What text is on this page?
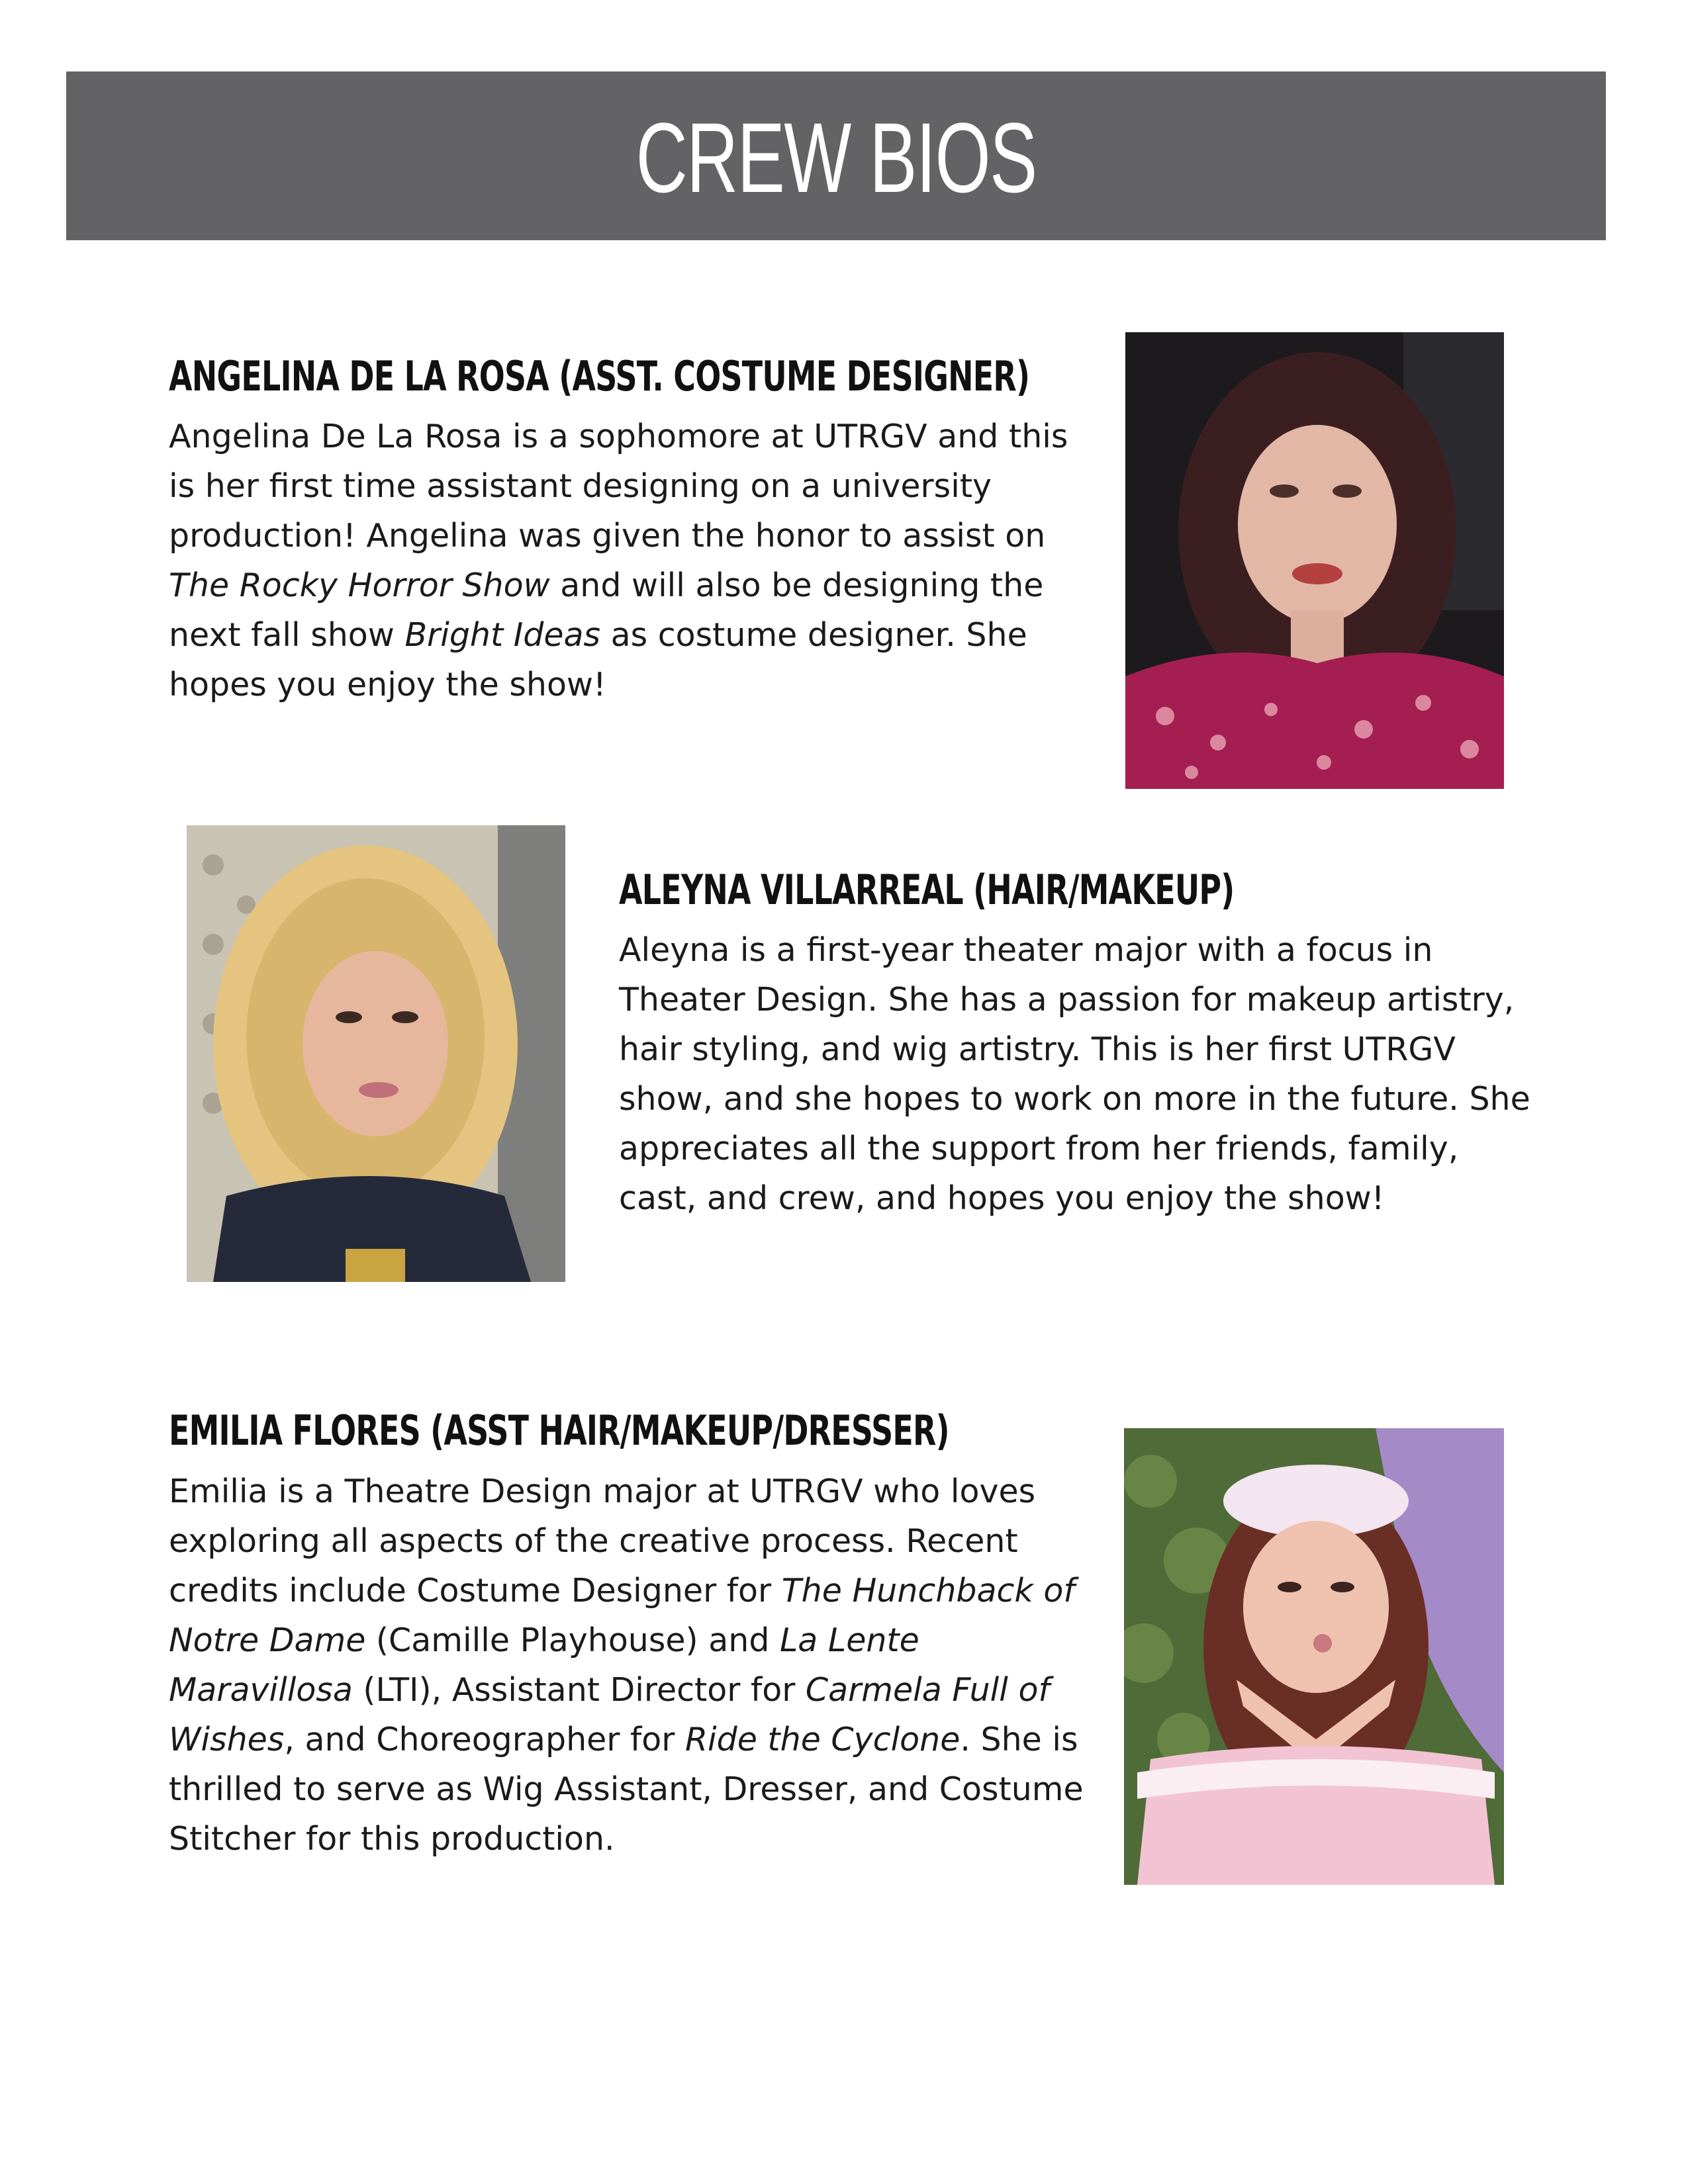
CREW BIOS
ANGELINA DE LA ROSA (ASST. COSTUME DESIGNER)

Angelina De La Rosa is a sophomore at UTRGV and this is her first time assistant designing on a university production! Angelina was given the honor to assist on The Rocky Horror Show and will also be designing the next fall show Bright Ideas as costume designer. She hopes you enjoy the show!

ALEYNA VILLARREAL (HAIR/MAKEUP)

Aleyna is a first-year theater major with a focus in Theater Design. She has a passion for makeup artistry, hair styling, and wig artistry. This is her first UTRGV show, and she hopes to work on more in the future. She appreciates all the support from her friends, family, cast, and crew, and hopes you enjoy the show!

EMILIA FLORES (ASST HAIR/MAKEUP/DRESSER)

Emilia is a Theatre Design major at UTRGV who loves exploring all aspects of the creative process. Recent credits include Costume Designer for The Hunchback of Notre Dame (Camille Playhouse) and La Lente Maravillosa (LTI), Assistant Director for Carmela Full of Wishes, and Choreographer for Ride the Cyclone. She is thrilled to serve as Wig Assistant, Dresser, and Costume Stitcher for this production.
